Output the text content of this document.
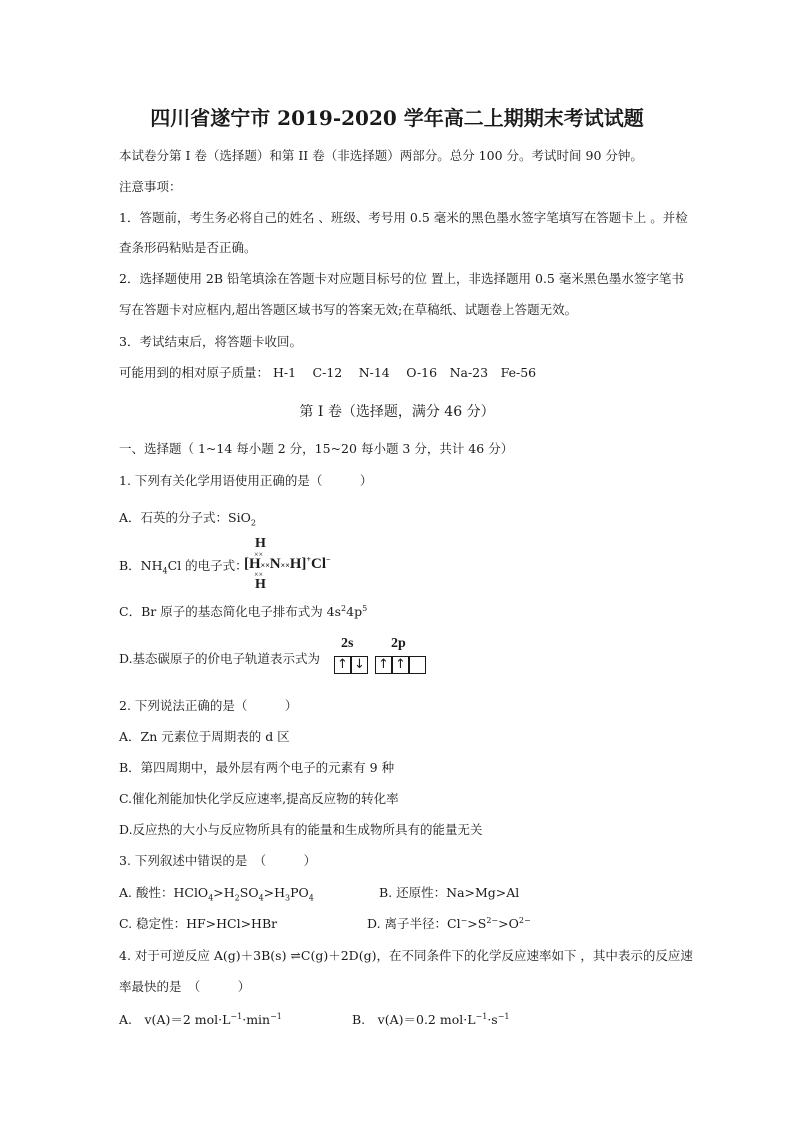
四川省遂宁市 2019-2020 学年高二上期期末考试试题
本试卷分第 I 卷（选择题）和第 II 卷（非选择题）两部分。总分 100 分。考试时间 90 分钟。
注意事项：
1．答题前，考生务必将自己的姓名 、班级、考号用 0.5 毫米的黑色墨水签字笔填写在答题卡上 。并检
查条形码粘贴是否正确。
2．选择题使用 2B 铅笔填涂在答题卡对应题目标号的位 置上，非选择题用 0.5 毫米黑色墨水签字笔书
写在答题卡对应框内,超出答题区域书写的答案无效;在草稿纸、试题卷上答题无效。
3．考试结束后，将答题卡收回。
可能用到的相对原子质量： H-1　 C-12　 N-14　 O-16　Na-23　Fe-56
第 I 卷（选择题，满分 46 分）
一、选择题（ 1~14 每小题 2 分，15~20 每小题 3 分，共计 46 分）
1. 下列有关化学用语使用正确的是（　　　）
A．石英的分子式：SiO$_2$
B．$NH_4Cl$ 的电子式：
H
××
[H××N××H]+Cl−
××
H
C．Br 原子的基态简化电子排布式为 $4s^24p^5$
D.基态碳原子的价电子轨道表示式为
2s	2p
↑ ↓ ↑ ↑
2. 下列说法正确的是（　　　）
A．Zn 元素位于周期表的 d 区
B．第四周期中，最外层有两个电子的元素有 9 种
C.催化剂能加快化学反应速率,提高反应物的转化率
D.反应热的大小与反应物所具有的能量和生成物所具有的能量无关
3. 下列叙述中错误的是　（　　　）
A. 酸性：$HClO_4>H_2SO_4>H_3PO_4$	B. 还原性：Na>Mg>Al
C. 稳定性：HF>HCl>HBr	D. 离子半径：$Cl^->S^{2-}>O^{2-}$
4. 对于可逆反应 A(g)＋3B(s) ⇌C(g)＋2D(g)，在不同条件下的化学反应速率如下 ，其中表示的反应速
率最快的是　（　　　）
A.　v(A)＝2 $mol\cdot L^{-1}\cdot\min^{-1}$	B.　v(A)＝0.2 $mol\cdot L^{-1}\cdot s^{-1}$
